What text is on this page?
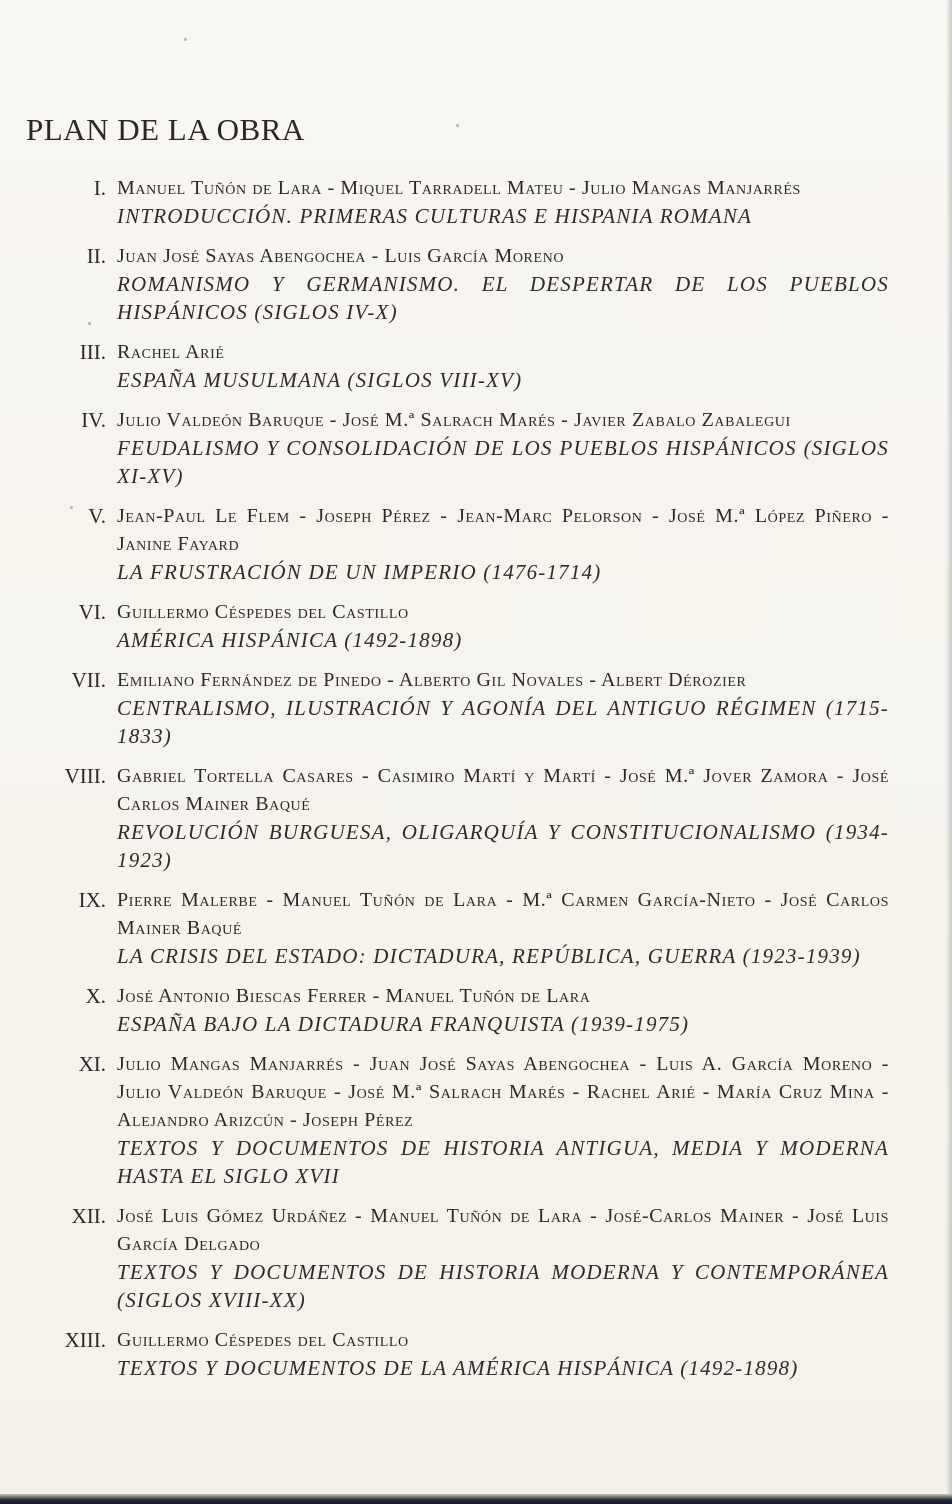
PLAN DE LA OBRA
I. Manuel Tuñón de Lara - Miquel Tarradell Mateu - Julio Mangas Manjarrés
INTRODUCCIÓN. PRIMERAS CULTURAS E HISPANIA ROMANA
II. Juan José Sayas Abengochea - Luis García Moreno
ROMANISMO Y GERMANISMO. EL DESPERTAR DE LOS PUEBLOS HISPÁNICOS (SIGLOS IV-X)
III. Rachel Arié
ESPAÑA MUSULMANA (SIGLOS VIII-XV)
IV. Julio Valdeón Baruque - José M.ª Salrach Marés - Javier Zabalo Zabalegui
FEUDALISMO Y CONSOLIDACIÓN DE LOS PUEBLOS HISPÁNICOS (SIGLOS XI-XV)
V. Jean-Paul Le Flem - Joseph Pérez - Jean-Marc Pelorson - José M.ª López Piñero - Janine Fayard
LA FRUSTRACIÓN DE UN IMPERIO (1476-1714)
VI. Guillermo Céspedes del Castillo
AMÉRICA HISPÁNICA (1492-1898)
VII. Emiliano Fernández de Pinedo - Alberto Gil Novales - Albert Dérozier
CENTRALISMO, ILUSTRACIÓN Y AGONÍA DEL ANTIGUO RÉGIMEN (1715-1833)
VIII. Gabriel Tortella Casares - Casimiro Martí y Martí - José M.ª Jover Zamora - José Carlos Mainer Baqué
REVOLUCIÓN BURGUESA, OLIGARQUÍA Y CONSTITUCIONALISMO (1934-1923)
IX. Pierre Malerbe - Manuel Tuñón de Lara - M.ª Carmen García-Nieto - José Carlos Mainer Baqué
LA CRISIS DEL ESTADO: DICTADURA, REPÚBLICA, GUERRA (1923-1939)
X. José Antonio Biescas Ferrer - Manuel Tuñón de Lara
ESPAÑA BAJO LA DICTADURA FRANQUISTA (1939-1975)
XI. Julio Mangas Manjarrés - Juan José Sayas Abengochea - Luis A. García Moreno - Julio Valdeón Baruque - José M.ª Salrach Marés - Rachel Arié - María Cruz Mina - Alejandro Arizcún - Joseph Pérez
TEXTOS Y DOCUMENTOS DE HISTORIA ANTIGUA, MEDIA Y MODERNA HASTA EL SIGLO XVII
XII. José Luis Gómez Urdáñez - Manuel Tuñón de Lara - José-Carlos Mainer - José Luis García Delgado
TEXTOS Y DOCUMENTOS DE HISTORIA MODERNA Y CONTEMPORÁNEA (SIGLOS XVIII-XX)
XIII. Guillermo Céspedes del Castillo
TEXTOS Y DOCUMENTOS DE LA AMÉRICA HISPÁNICA (1492-1898)
